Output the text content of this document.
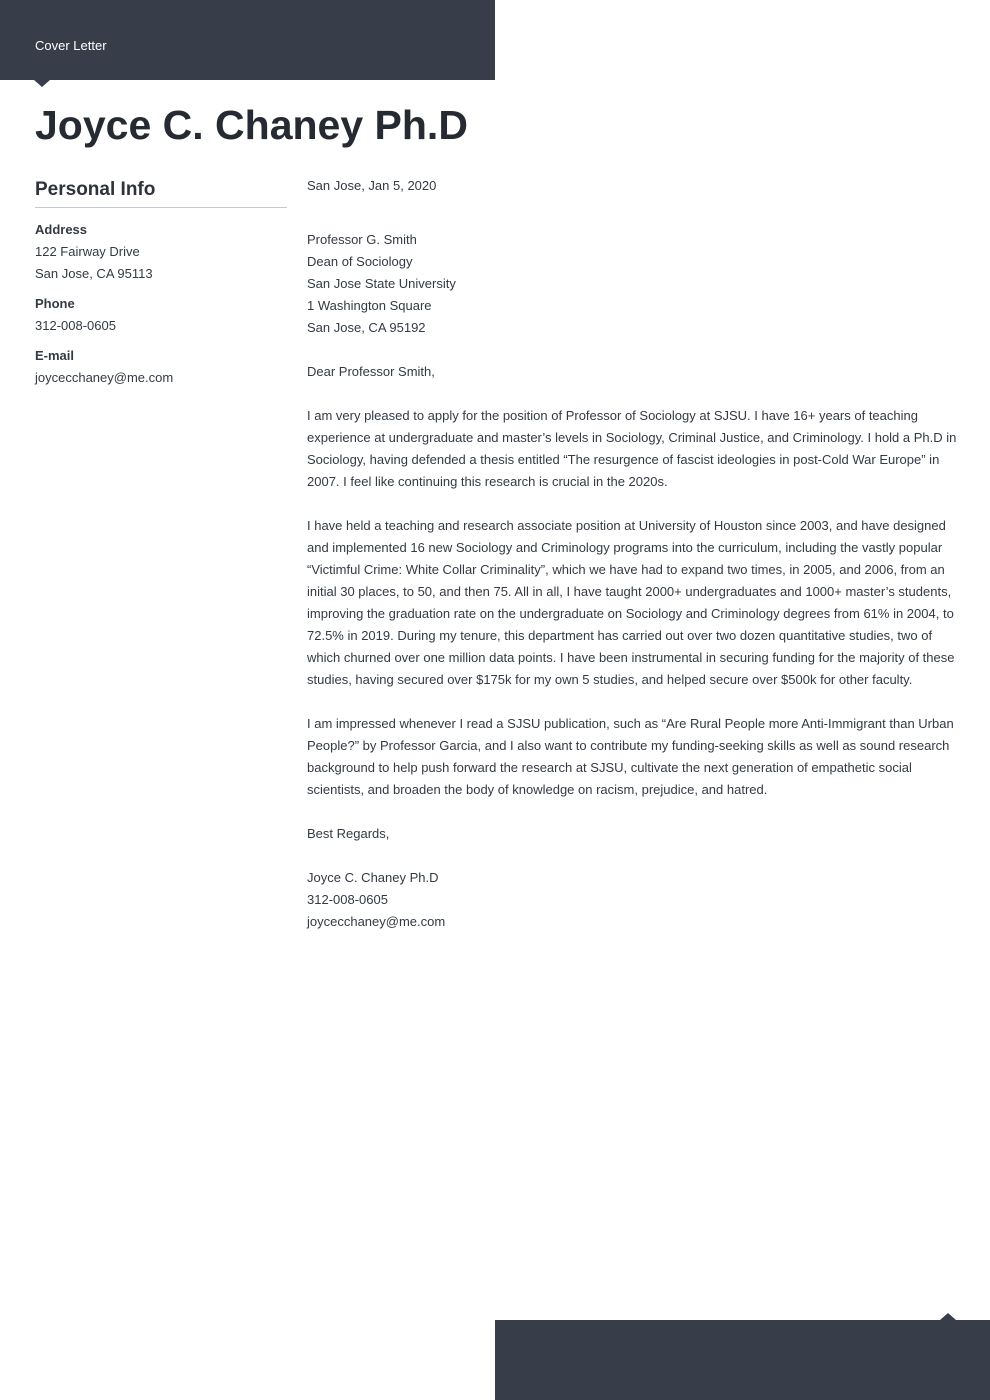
Cover Letter
Joyce C. Chaney Ph.D
Personal Info
Address
122 Fairway Drive
San Jose, CA 95113
Phone
312-008-0605
E-mail
joycecchaney@me.com

San Jose, Jan 5, 2020

Professor G. Smith

Dean of Sociology

San Jose State University

1 Washington Square

San Jose, CA 95192

Dear Professor Smith,

I am very pleased to apply for the position of Professor of Sociology at SJSU. I have 16+ years of teaching experience at undergraduate and master’s levels in Sociology, Criminal Justice, and Criminology. I hold a Ph.D in Sociology, having defended a thesis entitled “The resurgence of fascist ideologies in post-Cold War Europe” in 2007. I feel like continuing this research is crucial in the 2020s.

I have held a teaching and research associate position at University of Houston since 2003, and have designed and implemented 16 new Sociology and Criminology programs into the curriculum, including the vastly popular “Victimful Crime: White Collar Criminality”, which we have had to expand two times, in 2005, and 2006, from an initial 30 places, to 50, and then 75. All in all, I have taught 2000+ undergraduates and 1000+ master’s students, improving the graduation rate on the undergraduate on Sociology and Criminology degrees from 61% in 2004, to 72.5% in 2019. During my tenure, this department has carried out over two dozen quantitative studies, two of which churned over one million data points. I have been instrumental in securing funding for the majority of these studies, having secured over $175k for my own 5 studies, and helped secure over $500k for other faculty.

I am impressed whenever I read a SJSU publication, such as “Are Rural People more Anti-Immigrant than Urban People?” by Professor Garcia, and I also want to contribute my funding-seeking skills as well as sound research background to help push forward the research at SJSU, cultivate the next generation of empathetic social scientists, and broaden the body of knowledge on racism, prejudice, and hatred.

Best Regards,

Joyce C. Chaney Ph.D

312-008-0605

joycecchaney@me.com
